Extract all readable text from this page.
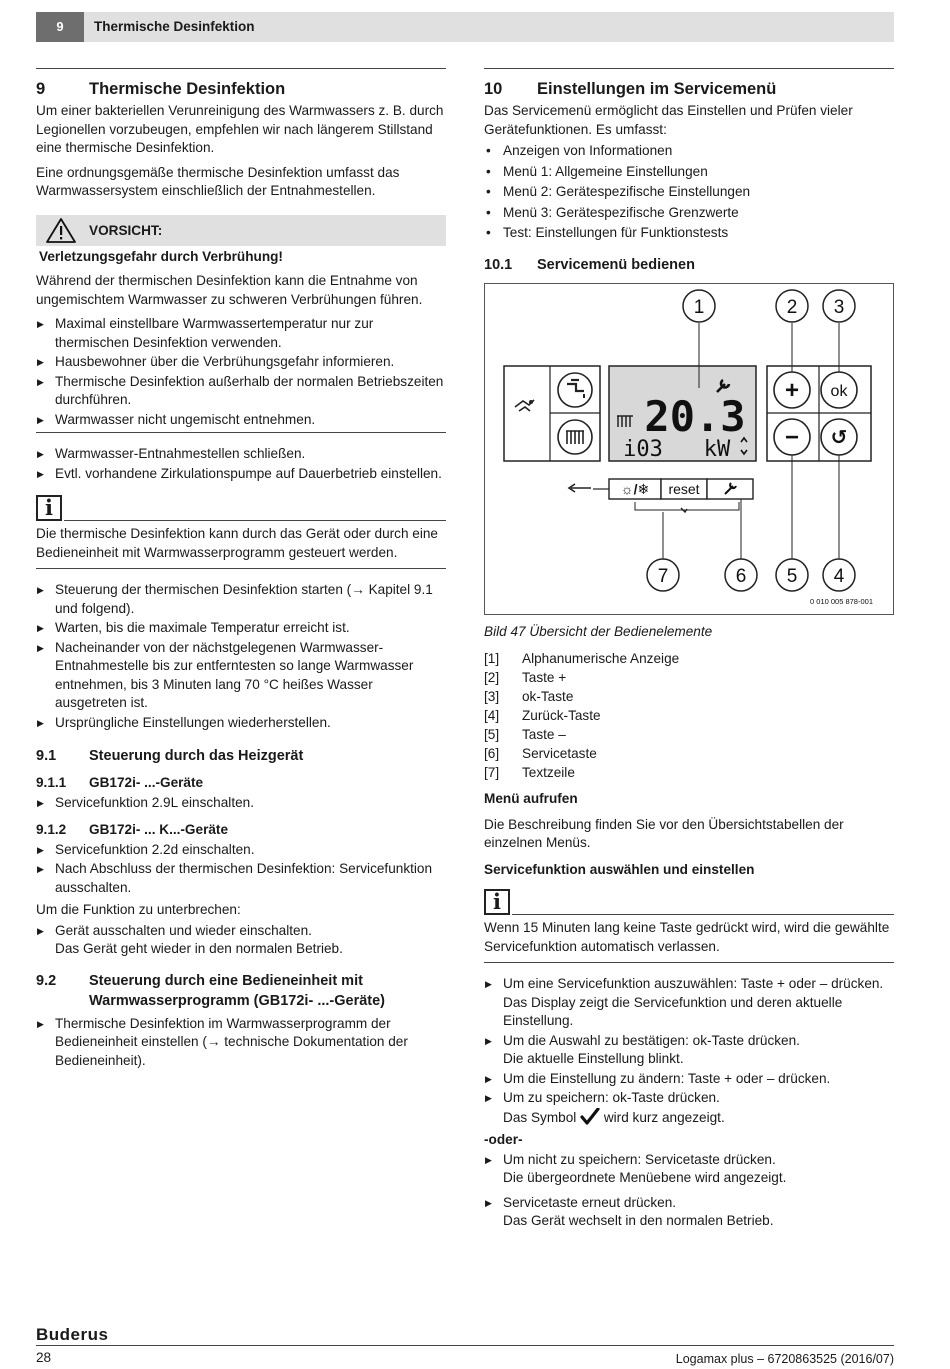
9	Thermische Desinfektion
9	Thermische Desinfektion

Um einer bakteriellen Verunreinigung des Warmwassers z. B. durch Legionellen vorzubeugen, empfehlen wir nach längerem Stillstand eine thermische Desinfektion.

Eine ordnungsgemäße thermische Desinfektion umfasst das Warmwassersystem einschließlich der Entnahmestellen.

VORSICHT:
Verletzungsgefahr durch Verbrühung!

Während der thermischen Desinfektion kann die Entnahme von ungemischtem Warmwasser zu schweren Verbrühungen führen.

▶ Maximal einstellbare Warmwassertemperatur nur zur thermischen Desinfektion verwenden.
▶ Hausbewohner über die Verbrühungsgefahr informieren.
▶ Thermische Desinfektion außerhalb der normalen Betriebszeiten durchführen.
▶ Warmwasser nicht ungemischt entnehmen.
▶ Warmwasser-Entnahmestellen schließen.
▶ Evtl. vorhandene Zirkulationspumpe auf Dauerbetrieb einstellen.
i

Die thermische Desinfektion kann durch das Gerät oder durch eine Bedieneinheit mit Warmwasserprogramm gesteuert werden.

▶ Steuerung der thermischen Desinfektion starten (→ Kapitel 9.1 und folgend).
▶ Warten, bis die maximale Temperatur erreicht ist.
▶ Nacheinander von der nächstgelegenen Warmwasser-Entnahmestelle bis zur entferntesten so lange Warmwasser entnehmen, bis 3 Minuten lang 70 °C heißes Wasser ausgetreten ist.
▶ Ursprüngliche Einstellungen wiederherstellen.
9.1	Steuerung durch das Heizgerät
9.1.1	GB172i- ...-Geräte
▶ Servicefunktion 2.9L einschalten.
9.1.2	GB172i- ... K...-Geräte
▶ Servicefunktion 2.2d einschalten.
▶ Nach Abschluss der thermischen Desinfektion: Servicefunktion ausschalten.

Um die Funktion zu unterbrechen:

▶ Gerät ausschalten und wieder einschalten.
Das Gerät geht wieder in den normalen Betrieb.
9.2	Steuerung durch eine Bedieneinheit mit Warmwasserprogramm (GB172i- ...-Geräte)
▶ Thermische Desinfektion im Warmwasserprogramm der Bedieneinheit einstellen (→ technische Dokumentation der Bedieneinheit).
10	Einstellungen im Servicemenü

Das Servicemenü ermöglicht das Einstellen und Prüfen vieler Gerätefunktionen. Es umfasst:

• Anzeigen von Informationen
• Menü 1: Allgemeine Einstellungen
• Menü 2: Gerätespezifische Einstellungen
• Menü 3: Gerätespezifische Grenzwerte
• Test: Einstellungen für Funktionstests
10.1	Servicemenü bedienen
20.3
i03 kW
+ ok
− ↺
☼/❄ reset
1	2 3
4
5
6
7
0 010 005 878-001
Bild 47 Übersicht der Bedienelemente
[1]	Alphanumerische Anzeige
[2]	Taste +
[3]	ok-Taste
[4]	Zurück-Taste
[5]	Taste –
[6]	Servicetaste
[7]	Textzeile

Menü aufrufen

Die Beschreibung finden Sie vor den Übersichtstabellen der einzelnen Menüs.

Servicefunktion auswählen und einstellen

i

Wenn 15 Minuten lang keine Taste gedrückt wird, wird die gewählte Servicefunktion automatisch verlassen.

▶ Um eine Servicefunktion auszuwählen: Taste + oder – drücken.
Das Display zeigt die Servicefunktion und deren aktuelle Einstellung.
▶ Um die Auswahl zu bestätigen: ok-Taste drücken.
Die aktuelle Einstellung blinkt.
▶ Um die Einstellung zu ändern: Taste + oder – drücken.
▶ Um zu speichern: ok-Taste drücken.
Das Symbol wird kurz angezeigt.
-oder-
▶ Um nicht zu speichern: Servicetaste drücken.
Die übergeordnete Menüebene wird angezeigt.
▶ Servicetaste erneut drücken.
Das Gerät wechselt in den normalen Betrieb.
Buderus
28	Logamax plus – 6720863525 (2016/07)
